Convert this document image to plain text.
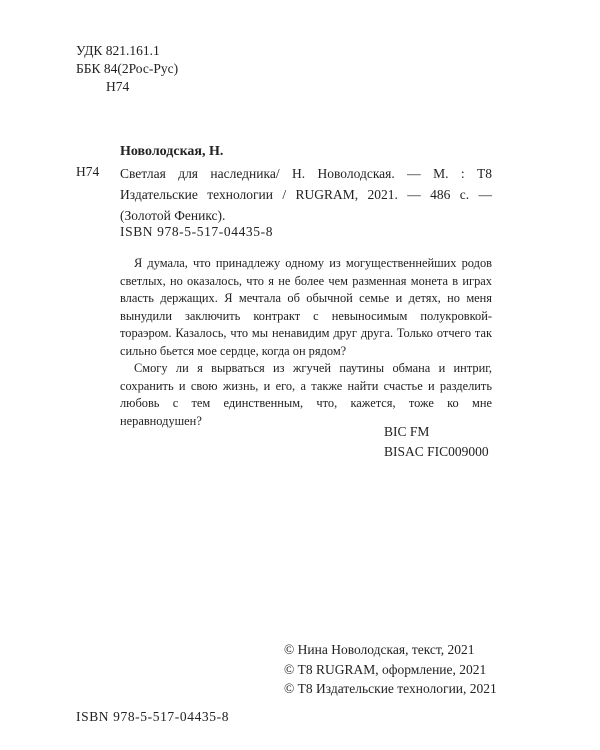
УДК 821.161.1
ББК 84(2Рос-Рус)
Н74
Новолодская, Н.
Н74 Светлая для наследника/ Н. Новолодская. — М. : Т8 Издательские технологии / RUGRAM, 2021. — 486 с. — (Золотой Феникс).
ISBN 978-5-517-04435-8

Я думала, что принадлежу одному из могущественнейших родов светлых, но оказалось, что я не более чем разменная монета в играх власть держащих. Я мечтала об обычной семье и детях, но меня вынудили заключить контракт с невыносимым полукровкой-тораэром. Казалось, что мы ненавидим друг друга. Только отчего так сильно бьется мое сердце, когда он рядом?

Смогу ли я вырваться из жгучей паутины обмана и интриг, сохранить и свою жизнь, и его, а также найти счастье и разделить любовь с тем единственным, что, кажется, тоже ко мне неравнодушен?

BIC FM
BISAC FIC009000
© Нина Новолодская, текст, 2021
© Т8 RUGRAM, оформление, 2021
© Т8 Издательские технологии, 2021
ISBN 978-5-517-04435-8
